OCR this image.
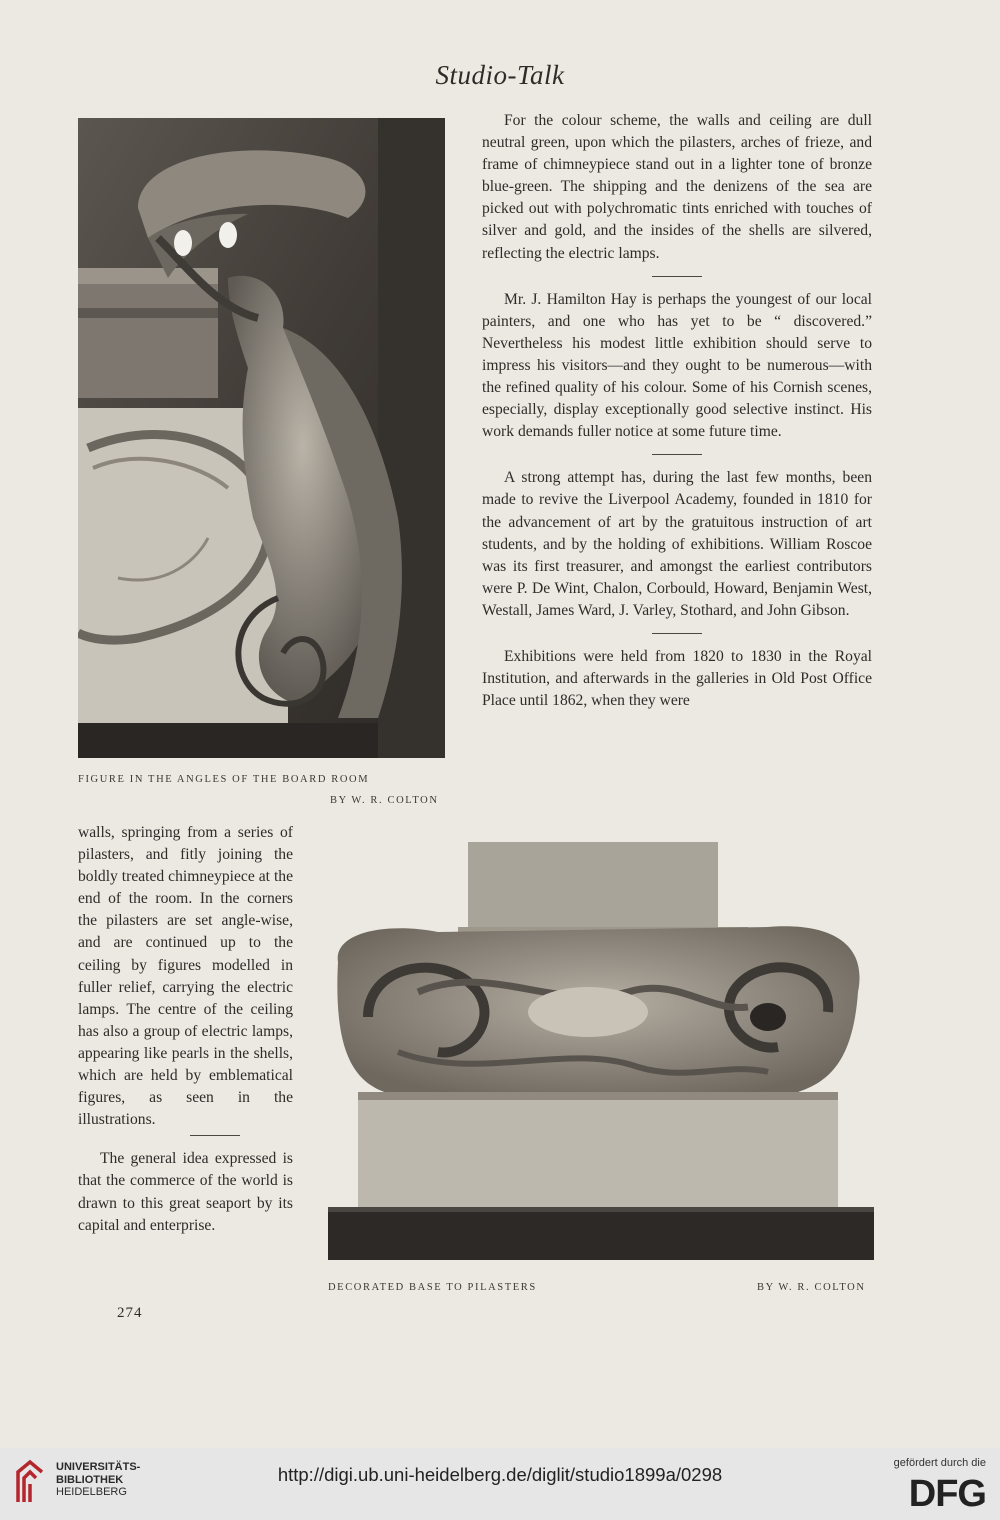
Studio-Talk
FIGURE IN THE ANGLES OF THE BOARD ROOM
BY W. R. COLTON

For the colour scheme, the walls and ceiling are dull neutral green, upon which the pilasters, arches of frieze, and frame of chimneypiece stand out in a lighter tone of bronze blue-green. The shipping and the denizens of the sea are picked out with polychromatic tints enriched with touches of silver and gold, and the insides of the shells are silvered, reflecting the electric lamps.

Mr. J. Hamilton Hay is perhaps the youngest of our local painters, and one who has yet to be “ discovered.” Nevertheless his modest little exhibition should serve to impress his visitors—and they ought to be numerous—with the refined quality of his colour. Some of his Cornish scenes, especially, display exceptionally good selective instinct. His work demands fuller notice at some future time.

A strong attempt has, during the last few months, been made to revive the Liverpool Academy, founded in 1810 for the advancement of art by the gratuitous instruction of art students, and by the holding of exhibitions. William Roscoe was its first treasurer, and amongst the earliest contributors were P. De Wint, Chalon, Corbould, Howard, Benjamin West, Westall, James Ward, J. Varley, Stothard, and John Gibson.

Exhibitions were held from 1820 to 1830 in the Royal Institution, and afterwards in the galleries in Old Post Office Place until 1862, when they were

walls, springing from a series of pilasters, and fitly joining the boldly treated chimneypiece at the end of the room. In the corners the pilasters are set angle-wise, and are continued up to the ceiling by figures modelled in fuller relief, carrying the electric lamps. The centre of the ceiling has also a group of electric lamps, appearing like pearls in the shells, which are held by emblematical figures, as seen in the illustrations.

The general idea expressed is that the commerce of the world is drawn to this great seaport by its capital and enterprise.

DECORATED BASE TO PILASTERS	BY W. R. COLTON
274
UNIVERSITÄTS-
BIBLIOTHEK
HEIDELBERG
http://digi.ub.uni-heidelberg.de/diglit/studio1899a/0298
gefördert durch die
DFG
